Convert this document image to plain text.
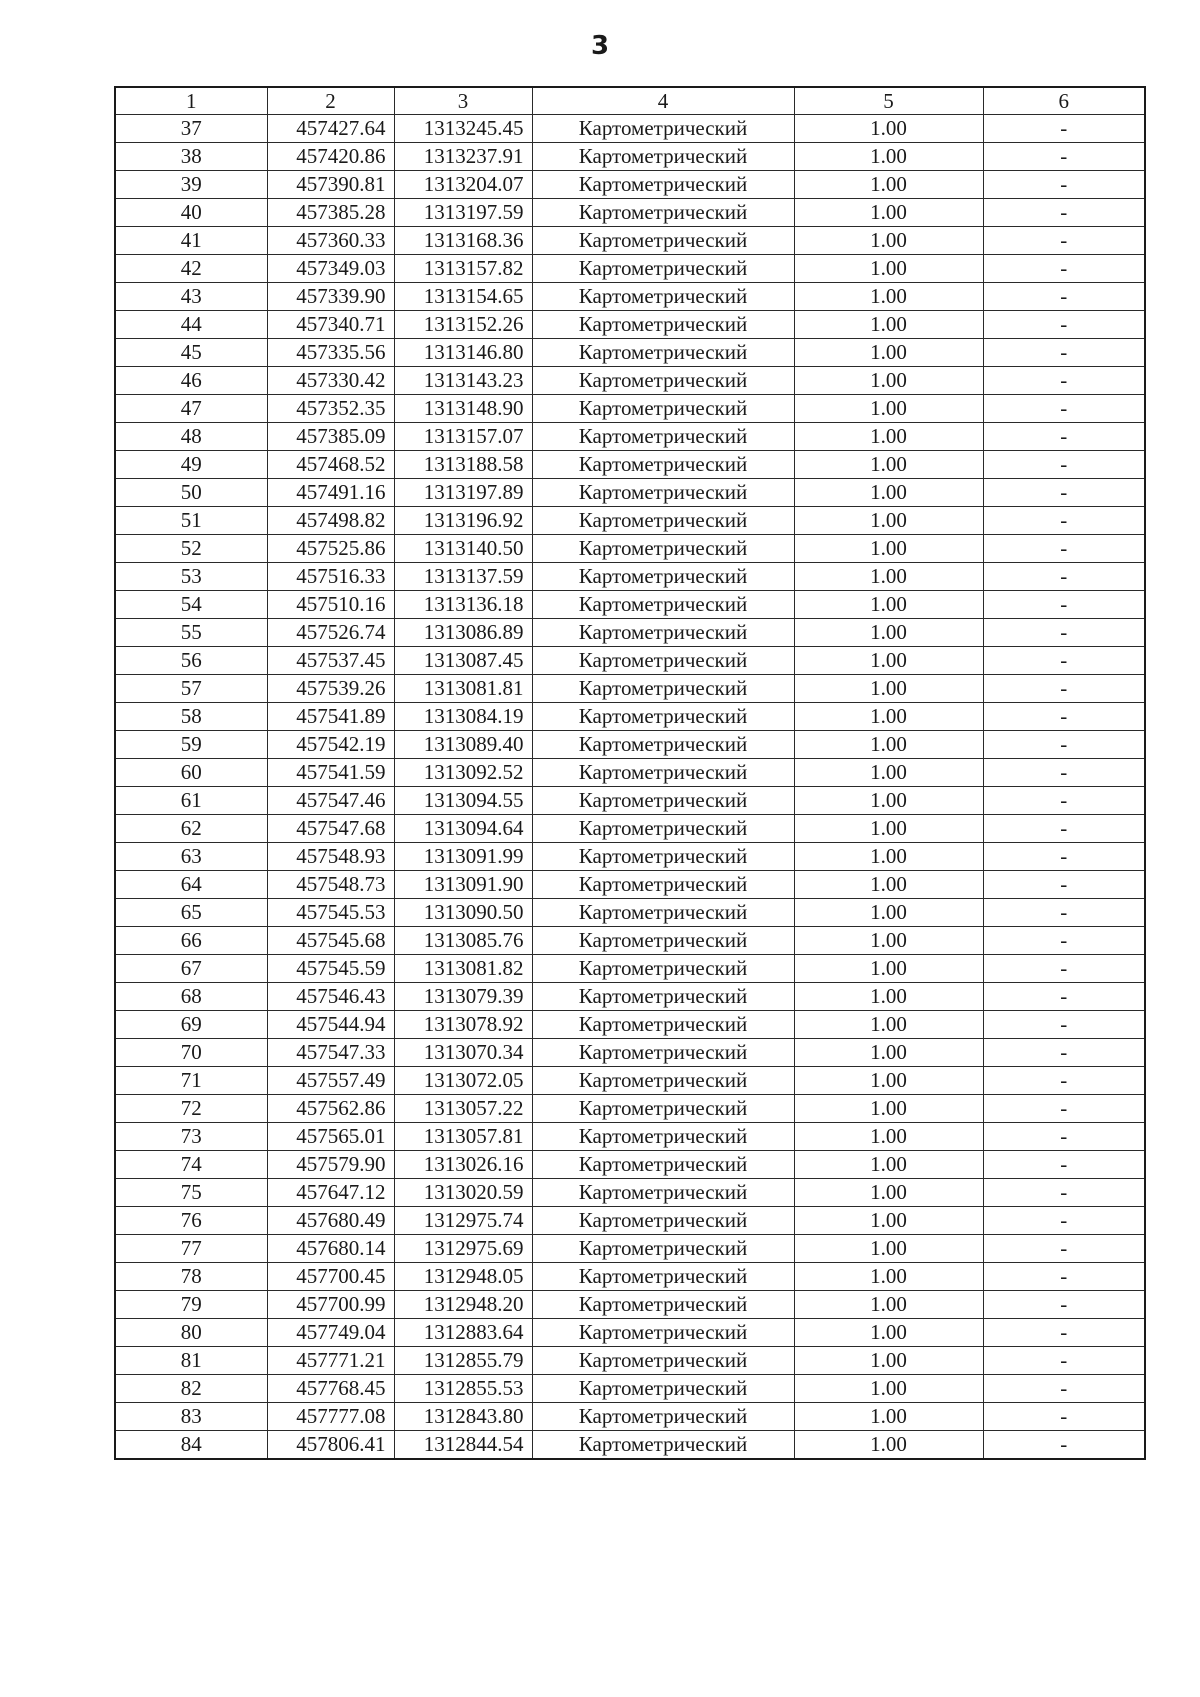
3
1	2	3	4	5	6
37	457427.64	1313245.45	Картометрический	1.00	-
38	457420.86	1313237.91	Картометрический	1.00	-
39	457390.81	1313204.07	Картометрический	1.00	-
40	457385.28	1313197.59	Картометрический	1.00	-
41	457360.33	1313168.36	Картометрический	1.00	-
42	457349.03	1313157.82	Картометрический	1.00	-
43	457339.90	1313154.65	Картометрический	1.00	-
44	457340.71	1313152.26	Картометрический	1.00	-
45	457335.56	1313146.80	Картометрический	1.00	-
46	457330.42	1313143.23	Картометрический	1.00	-
47	457352.35	1313148.90	Картометрический	1.00	-
48	457385.09	1313157.07	Картометрический	1.00	-
49	457468.52	1313188.58	Картометрический	1.00	-
50	457491.16	1313197.89	Картометрический	1.00	-
51	457498.82	1313196.92	Картометрический	1.00	-
52	457525.86	1313140.50	Картометрический	1.00	-
53	457516.33	1313137.59	Картометрический	1.00	-
54	457510.16	1313136.18	Картометрический	1.00	-
55	457526.74	1313086.89	Картометрический	1.00	-
56	457537.45	1313087.45	Картометрический	1.00	-
57	457539.26	1313081.81	Картометрический	1.00	-
58	457541.89	1313084.19	Картометрический	1.00	-
59	457542.19	1313089.40	Картометрический	1.00	-
60	457541.59	1313092.52	Картометрический	1.00	-
61	457547.46	1313094.55	Картометрический	1.00	-
62	457547.68	1313094.64	Картометрический	1.00	-
63	457548.93	1313091.99	Картометрический	1.00	-
64	457548.73	1313091.90	Картометрический	1.00	-
65	457545.53	1313090.50	Картометрический	1.00	-
66	457545.68	1313085.76	Картометрический	1.00	-
67	457545.59	1313081.82	Картометрический	1.00	-
68	457546.43	1313079.39	Картометрический	1.00	-
69	457544.94	1313078.92	Картометрический	1.00	-
70	457547.33	1313070.34	Картометрический	1.00	-
71	457557.49	1313072.05	Картометрический	1.00	-
72	457562.86	1313057.22	Картометрический	1.00	-
73	457565.01	1313057.81	Картометрический	1.00	-
74	457579.90	1313026.16	Картометрический	1.00	-
75	457647.12	1313020.59	Картометрический	1.00	-
76	457680.49	1312975.74	Картометрический	1.00	-
77	457680.14	1312975.69	Картометрический	1.00	-
78	457700.45	1312948.05	Картометрический	1.00	-
79	457700.99	1312948.20	Картометрический	1.00	-
80	457749.04	1312883.64	Картометрический	1.00	-
81	457771.21	1312855.79	Картометрический	1.00	-
82	457768.45	1312855.53	Картометрический	1.00	-
83	457777.08	1312843.80	Картометрический	1.00	-
84	457806.41	1312844.54	Картометрический	1.00	-
